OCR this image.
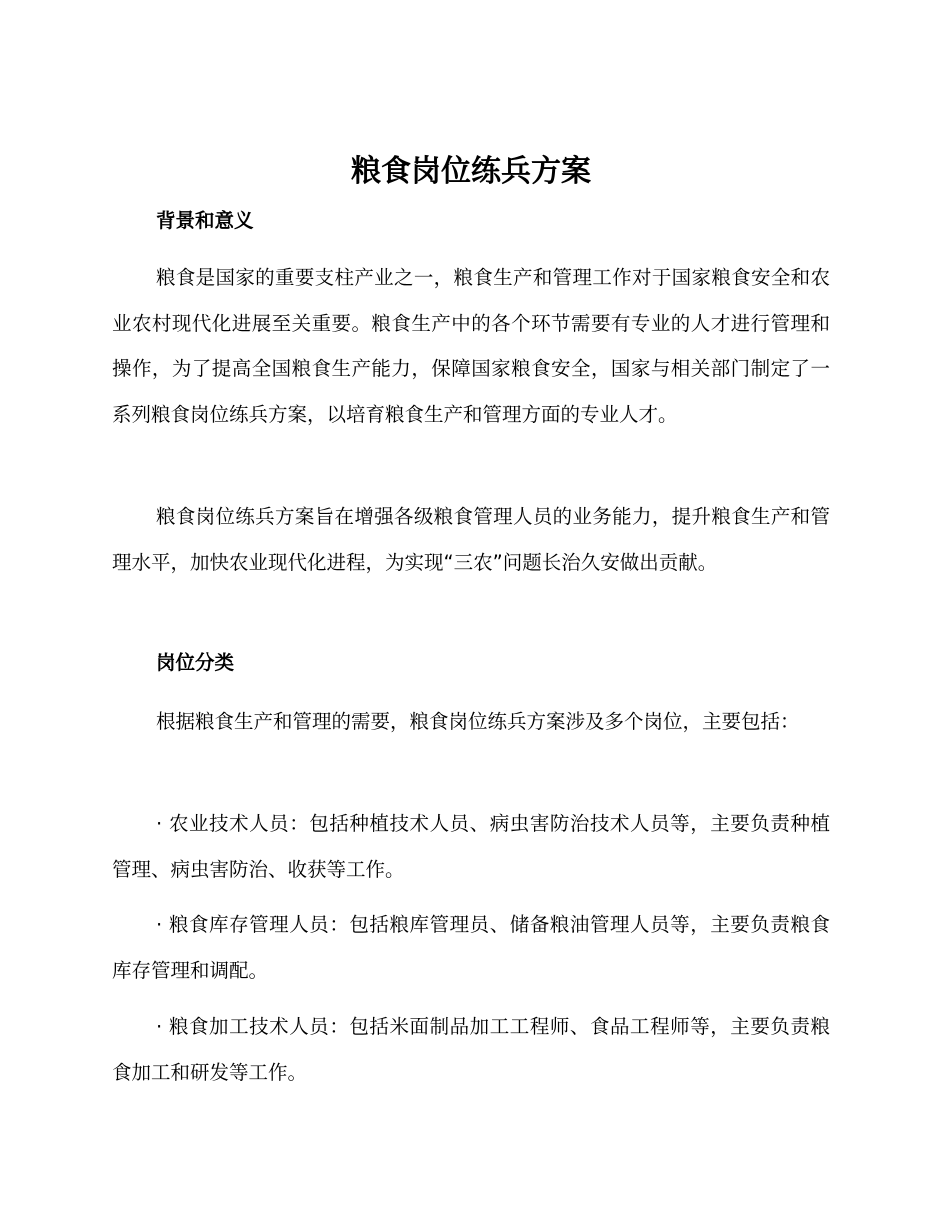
粮食岗位练兵方案
背景和意义

粮食是国家的重要支柱产业之一，粮食生产和管理工作对于国家粮食安全和农业农村现代化进展至关重要。粮食生产中的各个环节需要有专业的人才进行管理和操作，为了提高全国粮食生产能力，保障国家粮食安全，国家与相关部门制定了一系列粮食岗位练兵方案，以培育粮食生产和管理方面的专业人才。

粮食岗位练兵方案旨在增强各级粮食管理人员的业务能力，提升粮食生产和管理水平，加快农业现代化进程，为实现“三农”问题长治久安做出贡献。

岗位分类

根据粮食生产和管理的需要，粮食岗位练兵方案涉及多个岗位，主要包括：

· 农业技术人员：包括种植技术人员、病虫害防治技术人员等，主要负责种植管理、病虫害防治、收获等工作。

· 粮食库存管理人员：包括粮库管理员、储备粮油管理人员等，主要负责粮食库存管理和调配。

· 粮食加工技术人员：包括米面制品加工工程师、食品工程师等，主要负责粮食加工和研发等工作。
